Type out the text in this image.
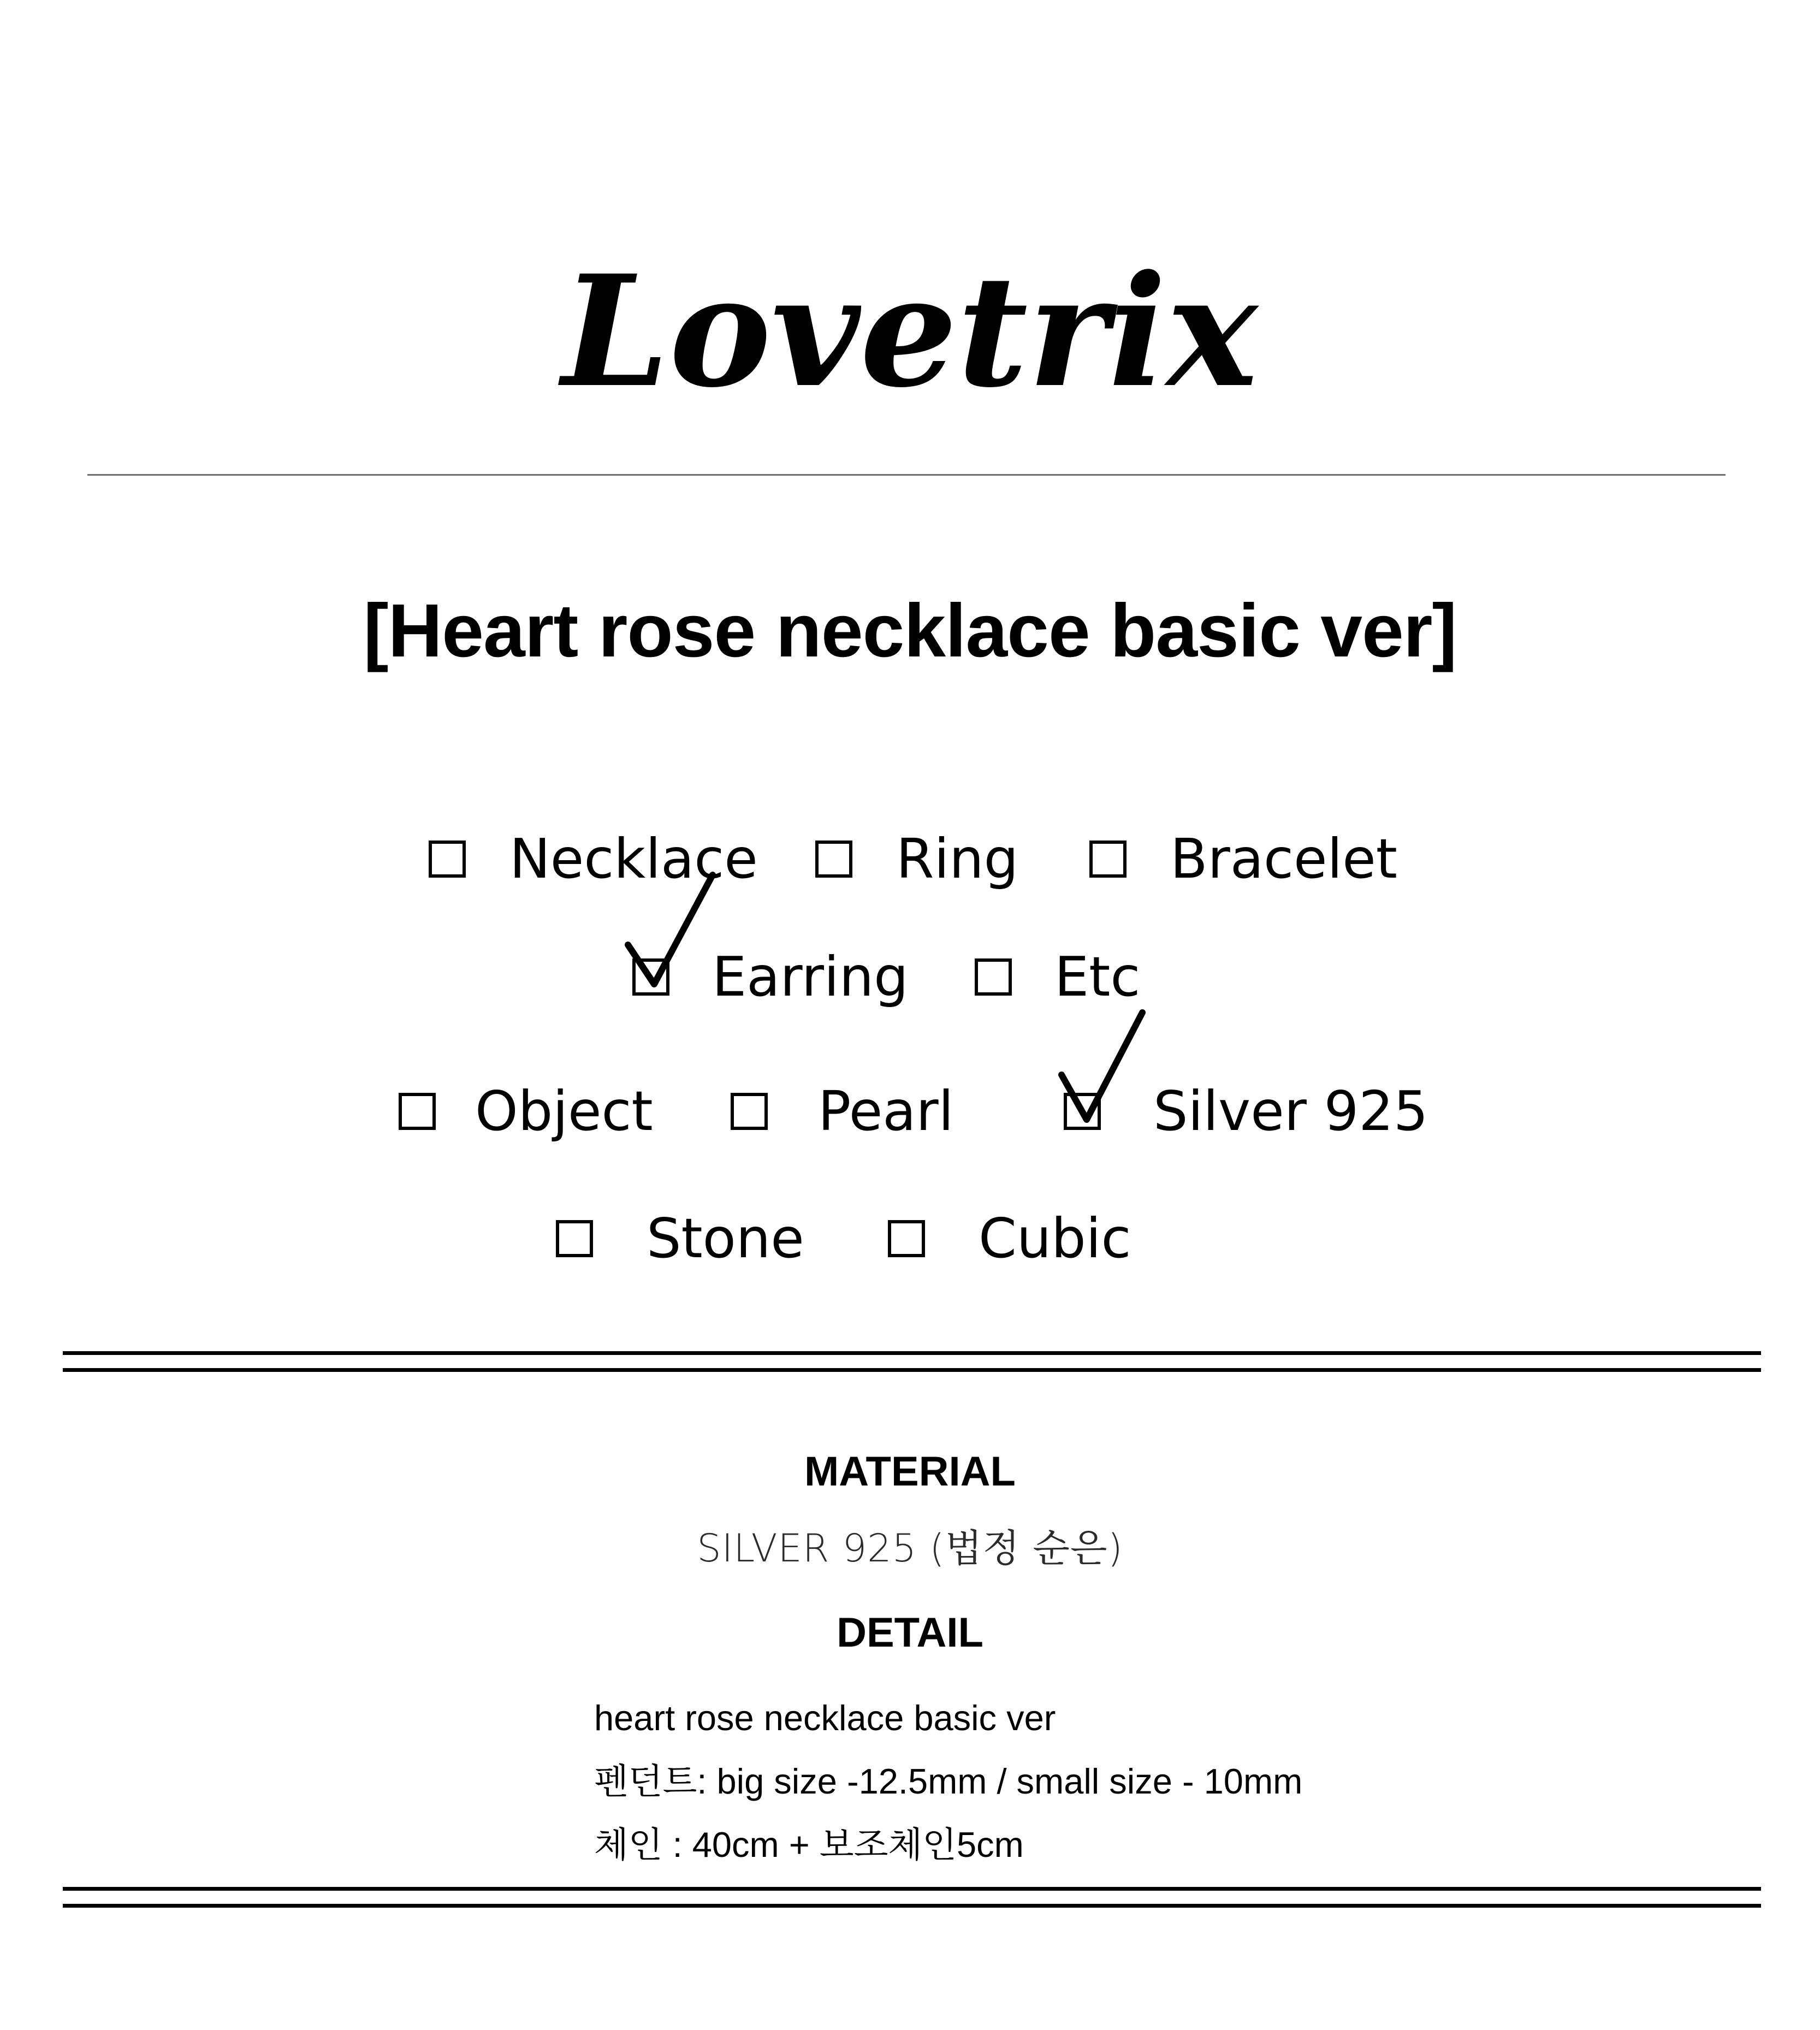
Lovetrix
[Heart rose necklace basic ver]
Necklace	Ring	Bracelet
Earring	Etc
Object	Pearl	Silver 925
Stone	Cubic
MATERIAL
SILVER 925 (법정 순은)
DETAIL
heart rose necklace basic ver
펜던트: big size -12.5mm / small size - 10mm
체인 : 40cm + 보조체인5cm
